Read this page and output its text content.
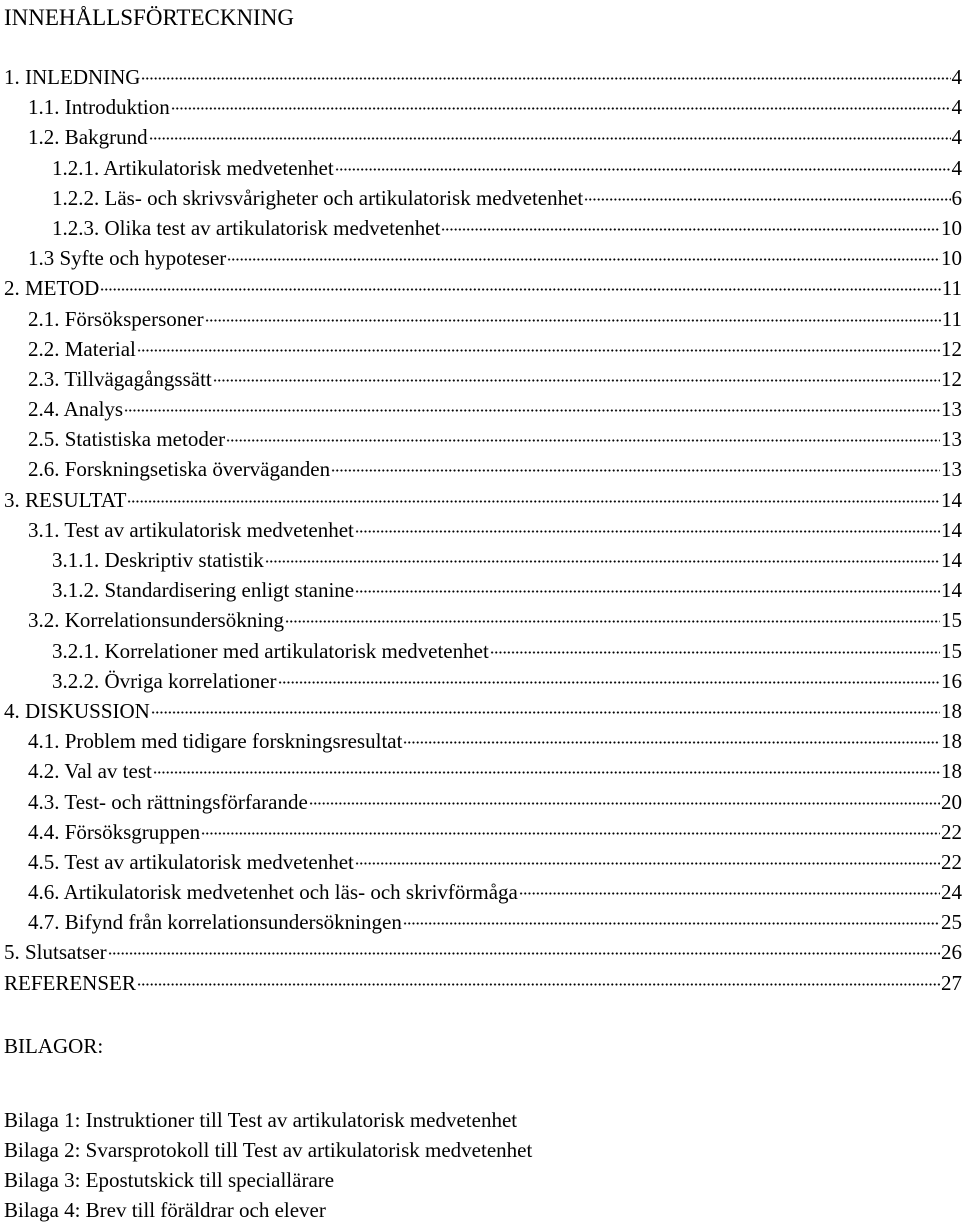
INNEHÅLLSFÖRTECKNING
1. INLEDNING	4
1.1. Introduktion	4
1.2. Bakgrund	4
1.2.1. Artikulatorisk medvetenhet	4
1.2.2. Läs- och skrivsvårigheter och artikulatorisk medvetenhet	6
1.2.3. Olika test av artikulatorisk medvetenhet	10
1.3 Syfte och hypoteser	10
2. METOD	11
2.1. Försökspersoner	11
2.2. Material	12
2.3. Tillvägagångssätt	12
2.4. Analys	13
2.5. Statistiska metoder	13
2.6. Forskningsetiska överväganden	13
3. RESULTAT	14
3.1. Test av artikulatorisk medvetenhet	14
3.1.1. Deskriptiv statistik	14
3.1.2. Standardisering enligt stanine	14
3.2. Korrelationsundersökning	15
3.2.1. Korrelationer med artikulatorisk medvetenhet	15
3.2.2. Övriga korrelationer	16
4. DISKUSSION	18
4.1. Problem med tidigare forskningsresultat	18
4.2. Val av test	18
4.3. Test- och rättningsförfarande	20
4.4. Försöksgruppen	22
4.5. Test av artikulatorisk medvetenhet	22
4.6. Artikulatorisk medvetenhet och läs- och skrivförmåga	24
4.7. Bifynd från korrelationsundersökningen	25
5. Slutsatser	26
REFERENSER	27
BILAGOR:
Bilaga 1: Instruktioner till Test av artikulatorisk medvetenhet
Bilaga 2: Svarsprotokoll till Test av artikulatorisk medvetenhet
Bilaga 3: Epostutskick till speciallärare
Bilaga 4: Brev till föräldrar och elever
